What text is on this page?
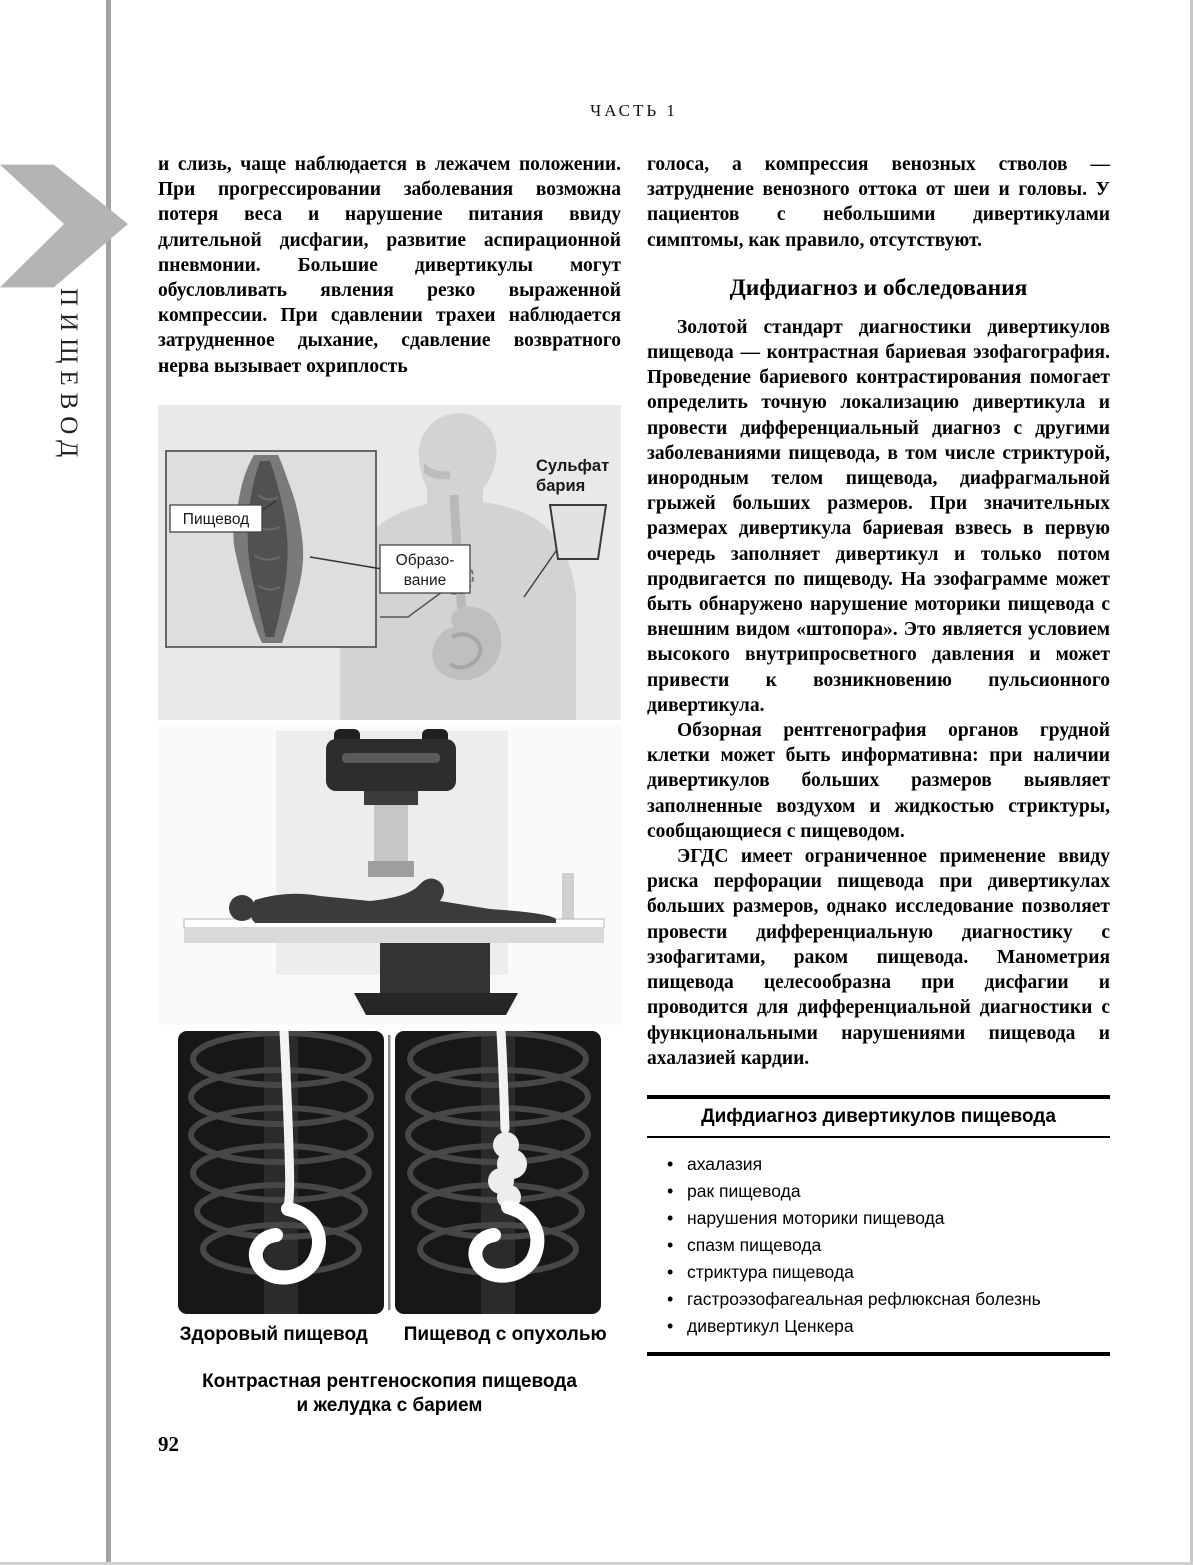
ПИЩЕВОД
ЧАСТЬ 1

и слизь, чаще наблюдается в лежачем положении. При прогрессировании заболевания возможна потеря веса и нарушение питания ввиду длительной дисфагии, развитие аспирационной пневмонии. Большие дивертикулы могут обусловливать явления резко выраженной компрессии. При сдавлении трахеи наблюдается затрудненное дыхание, сдавление возвратного нерва вызывает охриплость

Пищевод
Образо-
вание
Сульфат
бария
Здоровый пищевод	Пищевод с опухолью
Контрастная рентгеноскопия пищевода
и желудка с барием

голоса, а компрессия венозных стволов — затруднение венозного оттока от шеи и головы. У пациентов с небольшими дивертикулами симптомы, как правило, отсутствуют.

Дифдиагноз и обследования

Золотой стандарт диагностики дивертикулов пищевода — контрастная бариевая эзофагография. Проведение бариевого контрастирования помогает определить точную локализацию дивертикула и провести дифференциальный диагноз с другими заболеваниями пищевода, в том числе стриктурой, инородным телом пищевода, диафрагмальной грыжей больших размеров. При значительных размерах дивертикула бариевая взвесь в первую очередь заполняет дивертикул и только потом продвигается по пищеводу. На эзофаграмме может быть обнаружено нарушение моторики пищевода с внешним видом «штопора». Это является условием высокого внутрипросветного давления и может привести к возникновению пульсионного дивертикула.

Обзорная рентгенография органов грудной клетки может быть информативна: при наличии дивертикулов больших размеров выявляет заполненные воздухом и жидкостью стриктуры, сообщающиеся с пищеводом.

ЭГДС имеет ограниченное применение ввиду риска перфорации пищевода при дивертикулах больших размеров, однако исследование позволяет провести дифференциальную диагностику с эзофагитами, раком пищевода. Манометрия пищевода целесообразна при дисфагии и проводится для дифференциальной диагностики с функциональными нарушениями пищевода и ахалазией кардии.

Дифдиагноз дивертикулов пищевода
• ахалазия
• рак пищевода
• нарушения моторики пищевода
• спазм пищевода
• стриктура пищевода
• гастроэзофагеальная рефлюксная болезнь
• дивертикул Ценкера
92
